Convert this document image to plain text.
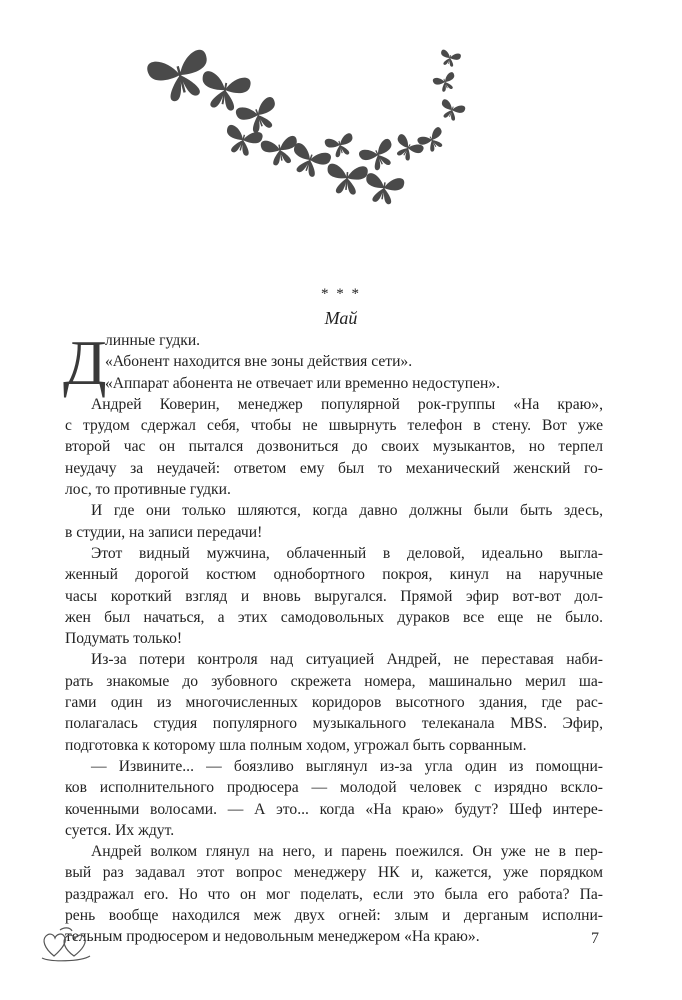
* * *
Май
Д
линные гудки.
«Абонент находится вне зоны действия сети».
«Аппарат абонента не отвечает или временно недоступен».

Андрей Коверин, менеджер популярной рок-группы «На краю»,
с трудом сдержал себя, чтобы не швырнуть телефон в стену. Вот уже
второй час он пытался дозвониться до своих музыкантов, но терпел
неудачу за неудачей: ответом ему был то механический женский го-
лос, то противные гудки.

И где они только шляются, когда давно должны были быть здесь,
в студии, на записи передачи!

Этот видный мужчина, облаченный в деловой, идеально выгла-
женный дорогой костюм однобортного покроя, кинул на наручные
часы короткий взгляд и вновь выругался. Прямой эфир вот-вот дол-
жен был начаться, а этих самодовольных дураков все еще не было.
Подумать только!

Из-за потери контроля над ситуацией Андрей, не переставая наби-
рать знакомые до зубовного скрежета номера, машинально мерил ша-
гами один из многочисленных коридоров высотного здания, где рас-
полагалась студия популярного музыкального телеканала MBS. Эфир,
подготовка к которому шла полным ходом, угрожал быть сорванным.

— Извините... — боязливо выглянул из-за угла один из помощни-
ков исполнительного продюсера — молодой человек с изрядно всклo-
коченными волосами. — А это... когда «На краю» будут? Шеф интере-
суется. Их ждут.

Андрей волком глянул на него, и парень поежился. Он уже не в пер-
вый раз задавал этот вопрос менеджеру НК и, кажется, уже порядком
раздражал его. Но что он мог поделать, если это была его работа? Па-
рень вообще находился меж двух огней: злым и дерганым исполни-
тельным продюсером и недовольным менеджером «На краю».	7
